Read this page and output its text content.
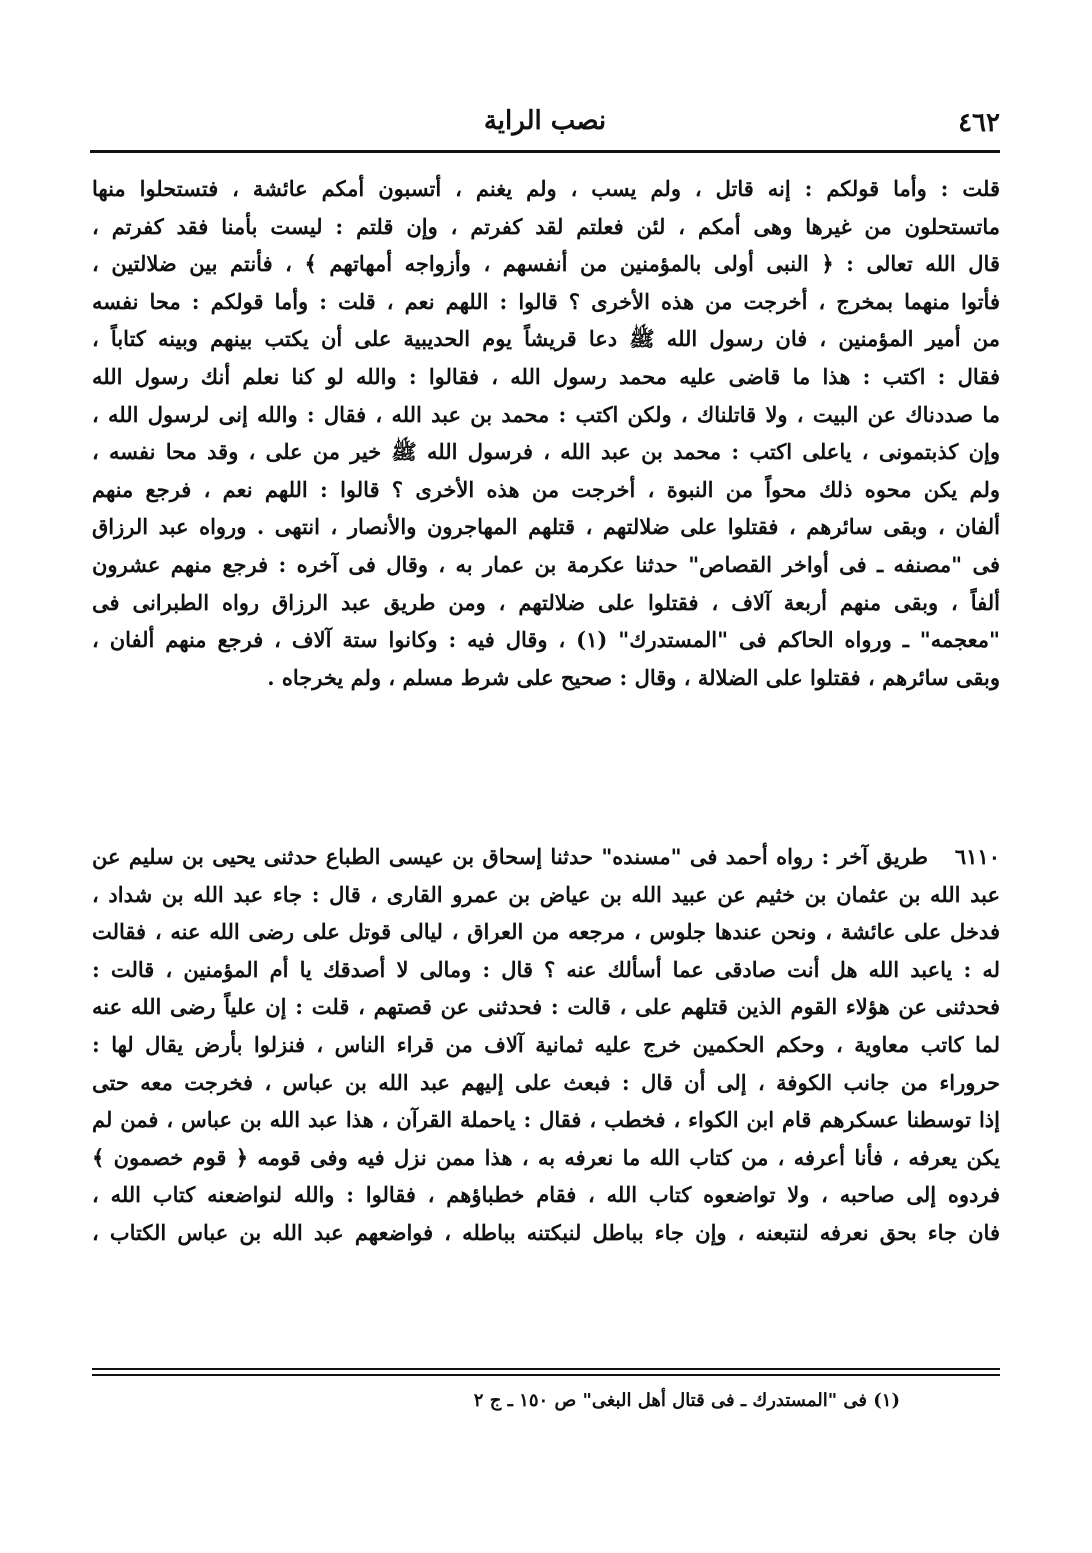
نصب الراية	٤٦٢
قلت : وأما قولكم : إنه قاتل ، ولم يسب ، ولم يغنم ، أتسبون أمكم عائشة ، فتستحلوا منها
ماتستحلون من غيرها وهى أمكم ، لئن فعلتم لقد كفرتم ، وإن قلتم : ليست بأمنا فقد كفرتم ،
قال الله تعالى : ﴿ النبى أولى بالمؤمنين من أنفسهم ، وأزواجه أمهاتهم ﴾ ، فأنتم بين ضلالتين ،
فأتوا منهما بمخرج ، أخرجت من هذه الأخرى ؟ قالوا : اللهم نعم ، قلت : وأما قولكم : محا نفسه
من أمير المؤمنين ، فان رسول الله ﷺ دعا قريشاً يوم الحديبية على أن يكتب بينهم وبينه كتاباً ،
فقال : اكتب : هذا ما قاضى عليه محمد رسول الله ، فقالوا : والله لو كنا نعلم أنك رسول الله
ما صددناك عن البيت ، ولا قاتلناك ، ولكن اكتب : محمد بن عبد الله ، فقال : والله إنى لرسول الله ،
وإن كذبتمونى ، ياعلى اكتب : محمد بن عبد الله ، فرسول الله ﷺ خير من على ، وقد محا نفسه ،
ولم يكن محوه ذلك محواً من النبوة ، أخرجت من هذه الأخرى ؟ قالوا : اللهم نعم ، فرجع منهم
ألفان ، وبقى سائرهم ، فقتلوا على ضلالتهم ، قتلهم المهاجرون والأنصار ، انتهى . ورواه عبد الرزاق
فى "مصنفه ـ فى أواخر القصاص" حدثنا عكرمة بن عمار به ، وقال فى آخره : فرجع منهم عشرون
ألفاً ، وبقى منهم أربعة آلاف ، فقتلوا على ضلالتهم ، ومن طريق عبد الرزاق رواه الطبرانى فى
"معجمه" ـ ورواه الحاكم فى "المستدرك" (١) ، وقال فيه : وكانوا ستة آلاف ، فرجع منهم ألفان ،
وبقى سائرهم ، فقتلوا على الضلالة ، وقال : صحيح على شرط مسلم ، ولم يخرجاه .
٦١١٠طريق آخر : رواه أحمد فى "مسنده" حدثنا إسحاق بن عيسى الطباع حدثنى يحيى بن سليم عن
عبد الله بن عثمان بن خثيم عن عبيد الله بن عياض بن عمرو القارى ، قال : جاء عبد الله بن شداد ،
فدخل على عائشة ، ونحن عندها جلوس ، مرجعه من العراق ، ليالى قوتل على رضى الله عنه ، فقالت
له : ياعبد الله هل أنت صادقى عما أسألك عنه ؟ قال : ومالى لا أصدقك يا أم المؤمنين ، قالت :
فحدثنى عن هؤلاء القوم الذين قتلهم على ، قالت : فحدثنى عن قصتهم ، قلت : إن علياً رضى الله عنه
لما كاتب معاوية ، وحكم الحكمين خرج عليه ثمانية آلاف من قراء الناس ، فنزلوا بأرض يقال لها :
حروراء من جانب الكوفة ، إلى أن قال : فبعث على إليهم عبد الله بن عباس ، فخرجت معه حتى
إذا توسطنا عسكرهم قام ابن الكواء ، فخطب ، فقال : ياحملة القرآن ، هذا عبد الله بن عباس ، فمن لم
يكن يعرفه ، فأنا أعرفه ، من كتاب الله ما نعرفه به ، هذا ممن نزل فيه وفى قومه ﴿ قوم خصمون ﴾
فردوه إلى صاحبه ، ولا تواضعوه كتاب الله ، فقام خطباؤهم ، فقالوا : والله لنواضعنه كتاب الله ،
فان جاء بحق نعرفه لنتبعنه ، وإن جاء بباطل لنبكتنه بباطله ، فواضعهم عبد الله بن عباس الكتاب ،
(١) فى "المستدرك ـ فى قتال أهل البغى" ص ١٥٠ ـ ج ٢
